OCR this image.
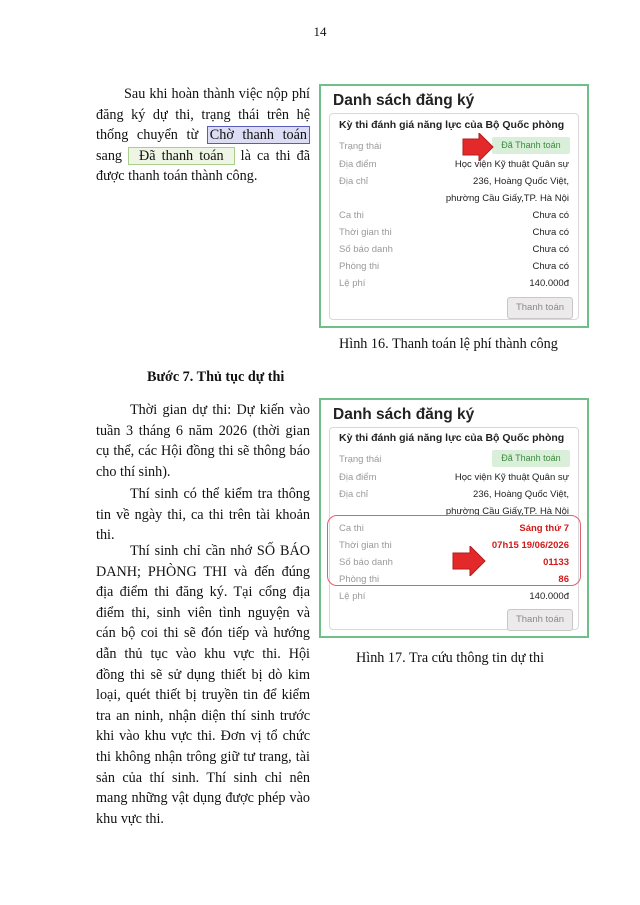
14
Sau khi hoàn thành việc nộp phí đăng ký dự thi, trạng thái trên hệ thống chuyển từ Chờ thanh toán sang Đã thanh toán là ca thi đã được thanh toán thành công.
Danh sách đăng ký
Kỳ thi đánh giá năng lực của Bộ Quốc phòng
Trạng thái	Đã Thanh toán
Địa điểm	Học viện Kỹ thuật Quân sự
Địa chỉ	236, Hoàng Quốc Việt,
phường Cầu Giấy,TP. Hà Nội
Ca thi	Chưa có
Thời gian thi	Chưa có
Số báo danh	Chưa có
Phòng thi	Chưa có
Lệ phí	140.000đ
Thanh toán
Hình 16. Thanh toán lệ phí thành công
Bước 7. Thủ tục dự thi
Thời gian dự thi: Dự kiến vào tuần 3 tháng 6 năm 2026 (thời gian cụ thể, các Hội đồng thi sẽ thông báo cho thí sinh).
Thí sinh có thể kiểm tra thông tin về ngày thi, ca thi trên tài khoản thi.
Thí sinh chỉ cần nhớ SỐ BÁO DANH; PHÒNG THI và đến đúng địa điểm thi đăng ký. Tại cổng địa điểm thi, sinh viên tình nguyện và cán bộ coi thi sẽ đón tiếp và hướng dẫn thủ tục vào khu vực thi. Hội đồng thi sẽ sử dụng thiết bị dò kim loại, quét thiết bị truyền tin để kiểm tra an ninh, nhận diện thí sinh trước khi vào khu vực thi. Đơn vị tổ chức thi không nhận trông giữ tư trang, tài sản của thí sinh. Thí sinh chỉ nên mang những vật dụng được phép vào khu vực thi.
Danh sách đăng ký
Kỳ thi đánh giá năng lực của Bộ Quốc phòng
Trạng thái	Đã Thanh toán
Địa điểm	Học viện Kỹ thuật Quân sự
Địa chỉ	236, Hoàng Quốc Việt,
phường Cầu Giấy,TP. Hà Nội
Ca thi	Sáng thứ 7
Thời gian thi	07h15 19/06/2026
Số báo danh	01133
Phòng thi	86
Lệ phí	140.000đ
Thanh toán
Hình 17. Tra cứu thông tin dự thi
